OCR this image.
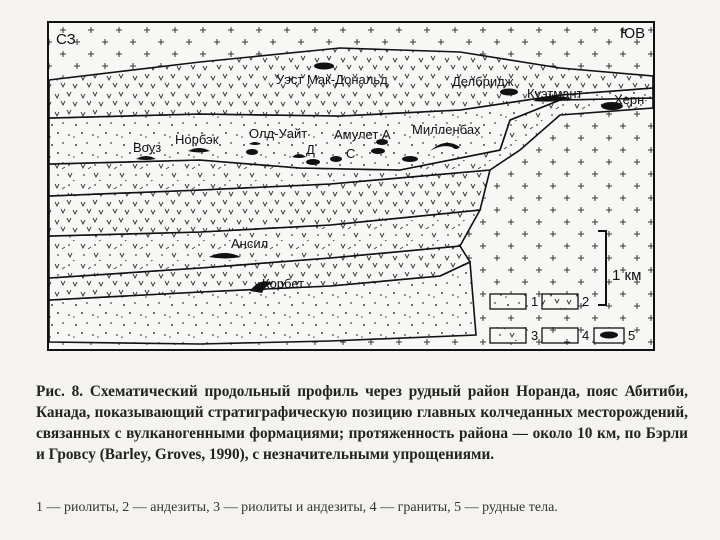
СЗ	ЮВ
Уэст Мак-Дональд	Делбридж
Куэтмант Херн
Воуз
Норбэк Олд-Уайт Амулет А Милленбах
Д С
Ансил
Корбет	1 км
1	2
3	4	5

Рис. 8. Схематический продольный профиль через рудный район Норанда, пояс Абитиби, Канада, показывающий стратиграфическую позицию главных колчеданных месторождений, связанных с вулканогенными формациями; протяженность района — около 10 км, по Бэрли и Гровсу (Barley, Groves, 1990), с незначительными упрощениями.

1 — риолиты, 2 — андезиты, 3 — риолиты и андезиты, 4 — граниты, 5 — рудные тела.
